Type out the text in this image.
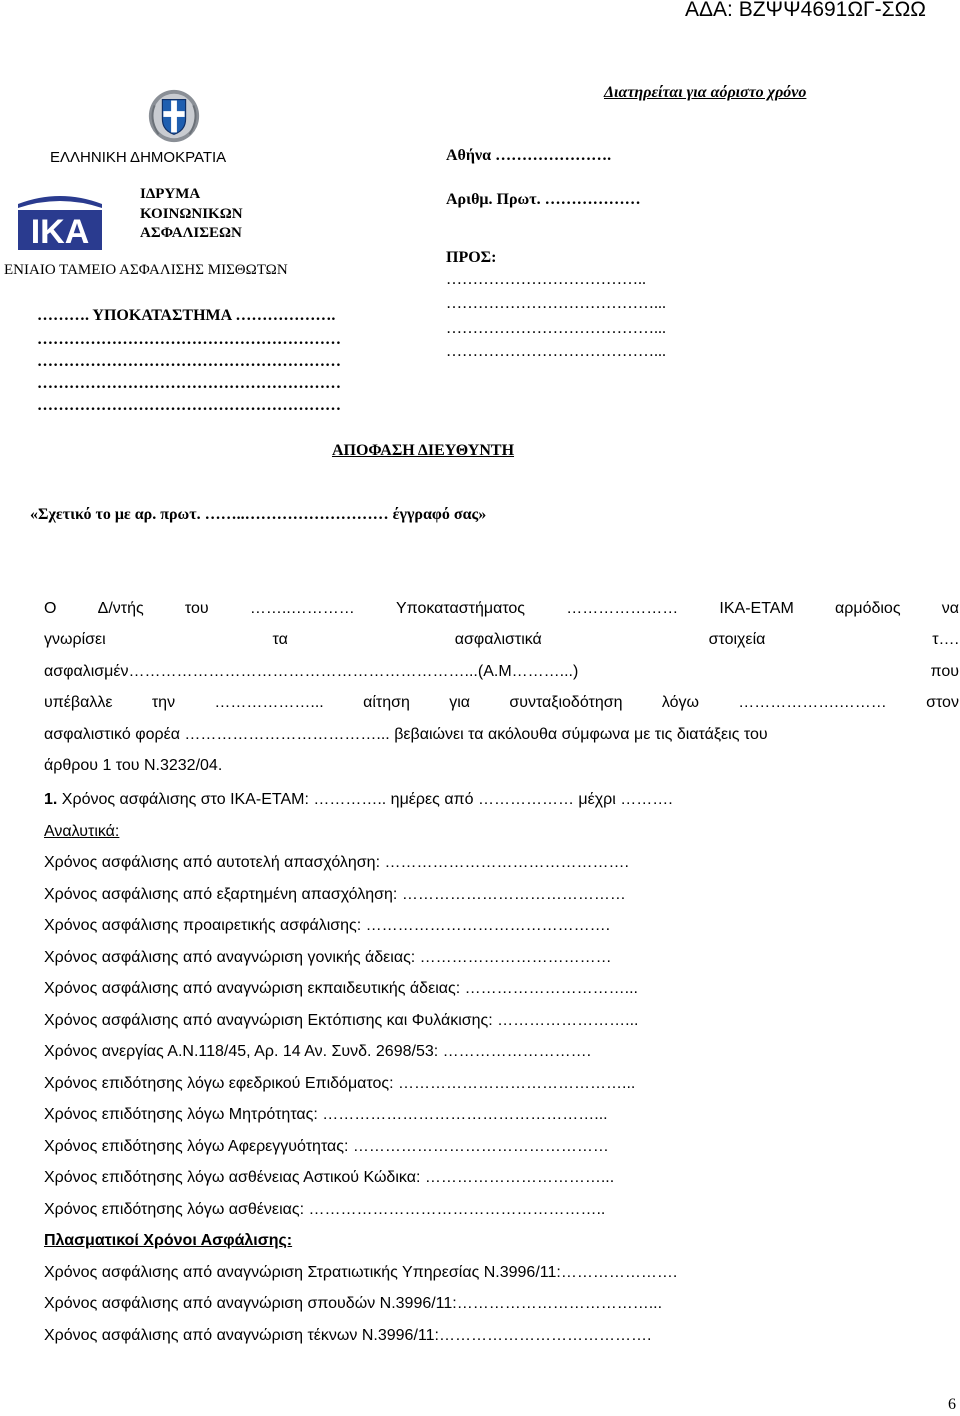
ΑΔΑ: ΒΖΨΨ4691ΩΓ-ΣΩΩ
Διατηρείται για αόριστο χρόνο
ΕΛΛΗΝΙΚΗ ΔΗΜΟΚΡΑΤΙΑ
IKA
ΙΔΡΥΜΑ
ΚΟΙΝΩΝΙΚΩΝ
ΑΣΦΑΛΙΣΕΩΝ
ΕΝΙΑΙΟ ΤΑΜΕΙΟ ΑΣΦΑΛΙΣΗΣ ΜΙΣΘΩΤΩΝ
………. ΥΠΟΚΑΤΑΣΤΗΜΑ ……………….
…………………………………………………
…………………………………………………
…………………………………………………
…………………………………………………
Αθήνα ………………….
Αριθμ. Πρωτ. ………………
ΠΡΟΣ:
………………………………..
…………………………………...
…………………………………...
…………………………………...
ΑΠΟΦΑΣΗ ΔΙΕΥΘΥΝΤΗ
«Σχετικό το με αρ. πρωτ. ……..……………………… έγγραφό σας»
Ο	Δ/ντής	του	……..…………	Υποκαταστήματος	…………………	ΙΚΑ-ΕΤΑΜ	αρμόδιος	να
γνωρίσει	τα	ασφαλιστικά	στοιχεία	τ….
ασφαλισμέν………………………………………………………...(Α.Μ………...)	που
υπέβαλλε την ………………... αίτηση για συνταξιοδότηση λόγω ……………….……… στον
ασφαλιστικό φορέα ………………………………... βεβαιώνει τα ακόλουθα σύμφωνα με τις διατάξεις του
άρθρου 1 του Ν.3232/04.
1. Χρόνος ασφάλισης στο ΙΚΑ-ΕΤΑΜ: ………….. ημέρες από ……………… μέχρι ……….
Αναλυτικά:
Χρόνος ασφάλισης από αυτοτελή απασχόληση: ……………………………………….
Χρόνος ασφάλισης από εξαρτημένη απασχόληση: ……………………………………
Χρόνος ασφάλισης προαιρετικής ασφάλισης: ……………………………………….
Χρόνος ασφάλισης από αναγνώριση γονικής άδειας: ………………………………
Χρόνος ασφάλισης από αναγνώριση εκπαιδευτικής άδειας: …………………………...
Χρόνος ασφάλισης από αναγνώριση Εκτόπισης και Φυλάκισης: ……………………...
Χρόνος ανεργίας Α.Ν.118/45, Αρ. 14 Αν. Συνδ. 2698/53: ……………………….
Χρόνος επιδότησης λόγω εφεδρικού Επιδόματος: ……………………………………...
Χρόνος επιδότησης λόγω Μητρότητας: ……………………………………………...
Χρόνος επιδότησης λόγω Αφερεγγυότητας: …………………………………………
Χρόνος επιδότησης λόγω ασθένειας Αστικού Κώδικα: ……………………………...
Χρόνος επιδότησης λόγω ασθένειας: ………………………………………………..
Πλασματικοί Χρόνοι Ασφάλισης:
Χρόνος ασφάλισης από αναγνώριση Στρατιωτικής Υπηρεσίας Ν.3996/11:………………….
Χρόνος ασφάλισης από αναγνώριση σπουδών Ν.3996/11:………………………………...
Χρόνος ασφάλισης από αναγνώριση τέκνων Ν.3996/11:………………………………….
6
